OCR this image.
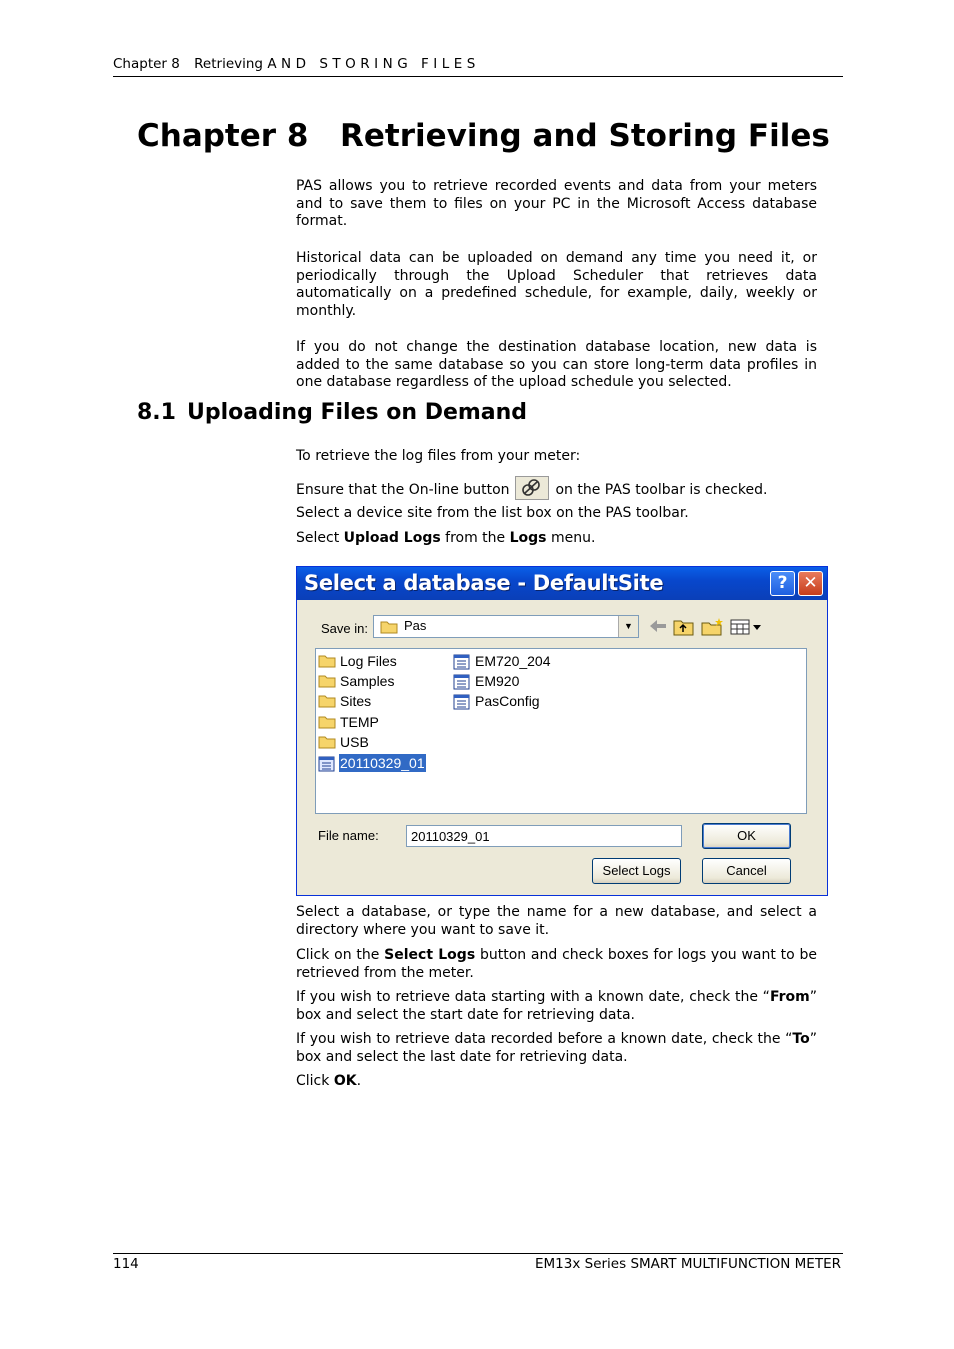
Chapter 8 Retrieving AND STORING FILES
Chapter 8 Retrieving and Storing Files

PAS allows you to retrieve recorded events and data from your meters and to save them to files on your PC in the Microsoft Access database format.

Historical data can be uploaded on demand any time you need it, or periodically through the Upload Scheduler that retrieves data automatically on a predefined schedule, for example, daily, weekly or monthly.

If you do not change the destination database location, new data is added to the same database so you can store long-term data profiles in one database regardless of the upload schedule you selected.

8.1 Uploading Files on Demand

To retrieve the log files from your meter:

Ensure that the On-line button	on the PAS toolbar is checked.

Select a device site from the list box on the PAS toolbar.

Select Upload Logs from the Logs menu.

Select a database - DefaultSite	? ✕
Save in:	Pas	▼
Log Files
Samples
Sites
TEMP
USB
20110329_01
EM720_204
EM920
PasConfig
File name:
20110329_01	OK
Select Logs	Cancel

Select a database, or type the name for a new database, and select a directory where you want to save it.

Click on the Select Logs button and check boxes for logs you want to be retrieved from the meter.

If you wish to retrieve data starting with a known date, check the “From” box and select the start date for retrieving data.

If you wish to retrieve data recorded before a known date, check the “To” box and select the last date for retrieving data.

Click OK.

114	EM13x Series SMART MULTIFUNCTION METER
